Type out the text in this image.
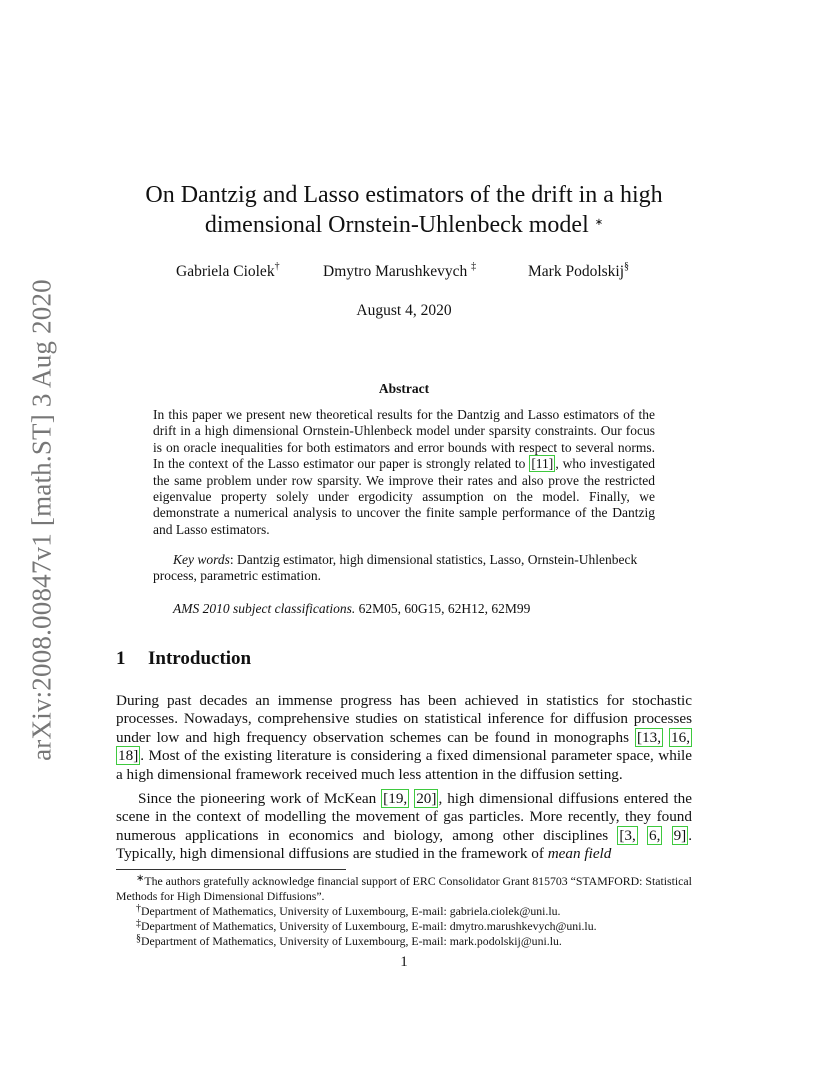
arXiv:2008.00847v1 [math.ST] 3 Aug 2020
On Dantzig and Lasso estimators of the drift in a high
dimensional Ornstein-Uhlenbeck model ∗
Gabriela Ciolek†	Dmytro Marushkevych ‡	Mark Podolskij§
August 4, 2020
Abstract
In this paper we present new theoretical results for the Dantzig and Lasso estimators of the drift in a high dimensional Ornstein-Uhlenbeck model under sparsity constraints. Our focus is on oracle inequalities for both estimators and error bounds with respect to several norms. In the context of the Lasso estimator our paper is strongly related to [11] , who investigated the same problem under row sparsity. We improve their rates and also prove the restricted eigenvalue property solely under ergodicity assumption on the model. Finally, we demonstrate a numerical analysis to uncover the finite sample performance of the Dantzig and Lasso estimators.
Key words: Dantzig estimator, high dimensional statistics, Lasso, Ornstein-Uhlenbeck process, parametric estimation.
AMS 2010 subject classifications. 62M05, 60G15, 62H12, 62M99
1 Introduction
During past decades an immense progress has been achieved in statistics for stochastic processes. Nowadays, comprehensive studies on statistical inference for diffusion processes under low and high frequency observation schemes can be found in monographs [13, 16, 18] . Most of the existing literature is considering a fixed dimensional parameter space, while a high dimensional framework received much less attention in the diffusion setting.
Since the pioneering work of McKean [19, 20] , high dimensional diffusions entered the scene in the context of modelling the movement of gas particles. More recently, they found numerous applications in economics and biology, among other disciplines [3, 6, 9] . Typically, high dimensional diffusions are studied in the framework of mean field
∗The authors gratefully acknowledge financial support of ERC Consolidator Grant 815703 “STAMFORD: Statistical Methods for High Dimensional Diffusions”.
†Department of Mathematics, University of Luxembourg, E-mail: gabriela.ciolek@uni.lu.
‡Department of Mathematics, University of Luxembourg, E-mail: dmytro.marushkevych@uni.lu.
§Department of Mathematics, University of Luxembourg, E-mail: mark.podolskij@uni.lu.
1
